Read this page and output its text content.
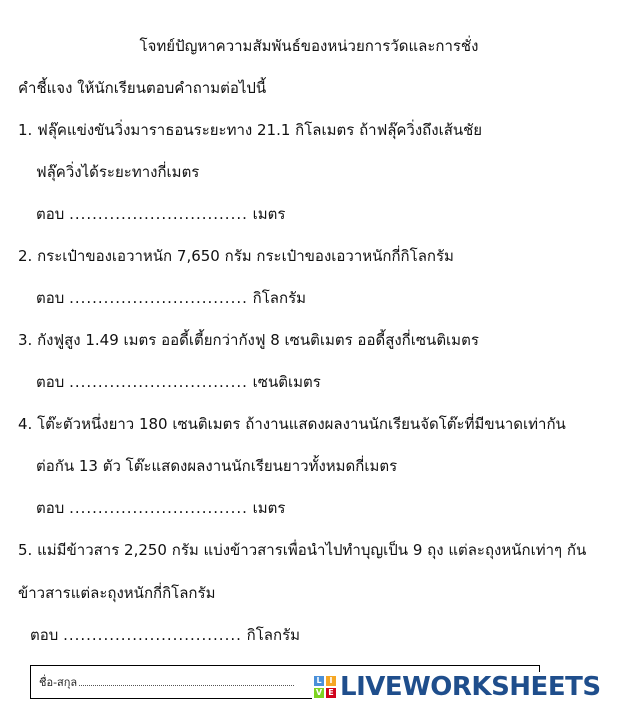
โจทย์ปัญหาความสัมพันธ์ของหน่วยการวัดและการชั่ง
คำชี้แจง ให้นักเรียนตอบคำถามต่อไปนี้
1. ฟลุ๊คแข่งขันวิ่งมาราธอนระยะทาง 21.1 กิโลเมตร ถ้าฟลุ๊ควิ่งถึงเส้นชัย
ฟลุ๊ควิ่งได้ระยะทางกี่เมตร
ตอบ ............................... เมตร
2. กระเป๋าของเอวาหนัก 7,650 กรัม กระเป๋าของเอวาหนักกี่กิโลกรัม
ตอบ ............................... กิโลกรัม
3. กังฟูสูง 1.49 เมตร ออดี้เตี้ยกว่ากังฟู 8 เซนติเมตร ออดี้สูงกี่เซนติเมตร
ตอบ ............................... เซนติเมตร
4. โต๊ะตัวหนึ่งยาว 180 เซนติเมตร ถ้างานแสดงผลงานนักเรียนจัดโต๊ะที่มีขนาดเท่ากัน
ต่อกัน 13 ตัว โต๊ะแสดงผลงานนักเรียนยาวทั้งหมดกี่เมตร
ตอบ ............................... เมตร
5. แม่มีข้าวสาร 2,250 กรัม แบ่งข้าวสารเพื่อนำไปทำบุญเป็น 9 ถุง แต่ละถุงหนักเท่าๆ กัน
ข้าวสารแต่ละถุงหนักกี่กิโลกรัม
ตอบ ............................... กิโลกรัม
ชื่อ-สกุล	L I
V E LIVEWORKSHEETS
